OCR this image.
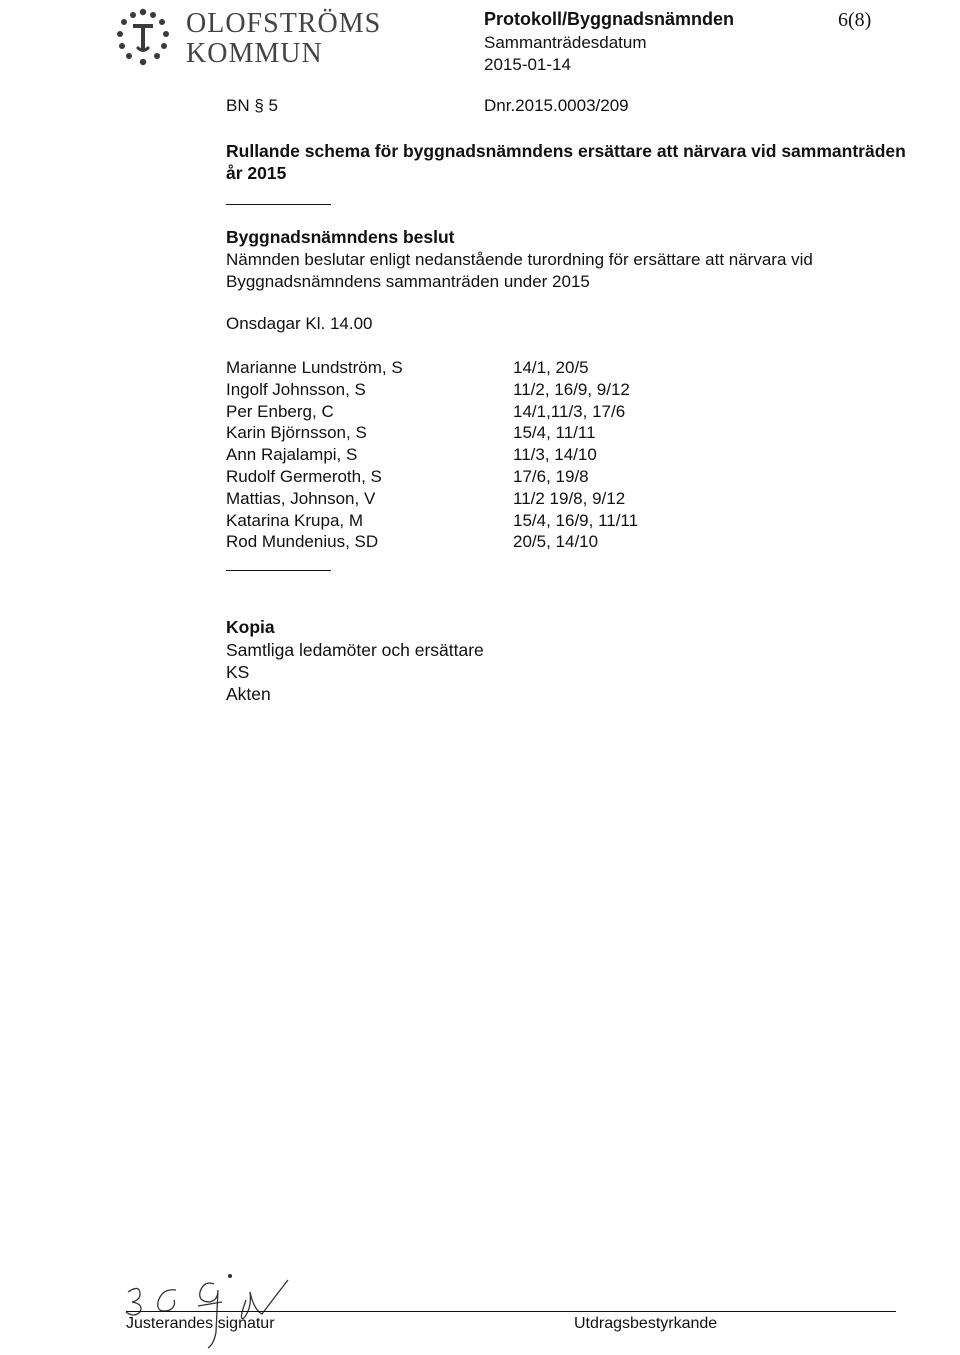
OLOFSTRÖMS
KOMMUN
Protokoll/Byggnadsnämnden
Sammanträdesdatum
2015-01-14
6(8)
BN § 5	Dnr.2015.0003/209
Rullande schema för byggnadsnämndens ersättare att närvara vid sammanträden
år 2015
Byggnadsnämndens beslut
Nämnden beslutar enligt nedanstående turordning för ersättare att närvara vid Byggnadsnämndens sammanträden under 2015
Onsdagar Kl. 14.00
Marianne Lundström, S	14/1, 20/5
Ingolf Johnsson, S	11/2, 16/9, 9/12
Per Enberg, C	14/1,11/3, 17/6
Karin Björnsson, S	15/4, 11/11
Ann Rajalampi, S	11/3, 14/10
Rudolf Germeroth, S	17/6, 19/8
Mattias, Johnson, V	11/2 19/8, 9/12
Katarina Krupa, M	15/4, 16/9, 11/11
Rod Mundenius, SD	20/5, 14/10
Kopia
Samtliga ledamöter och ersättare
KS
Akten
Justerandes signatur	Utdragsbestyrkande
